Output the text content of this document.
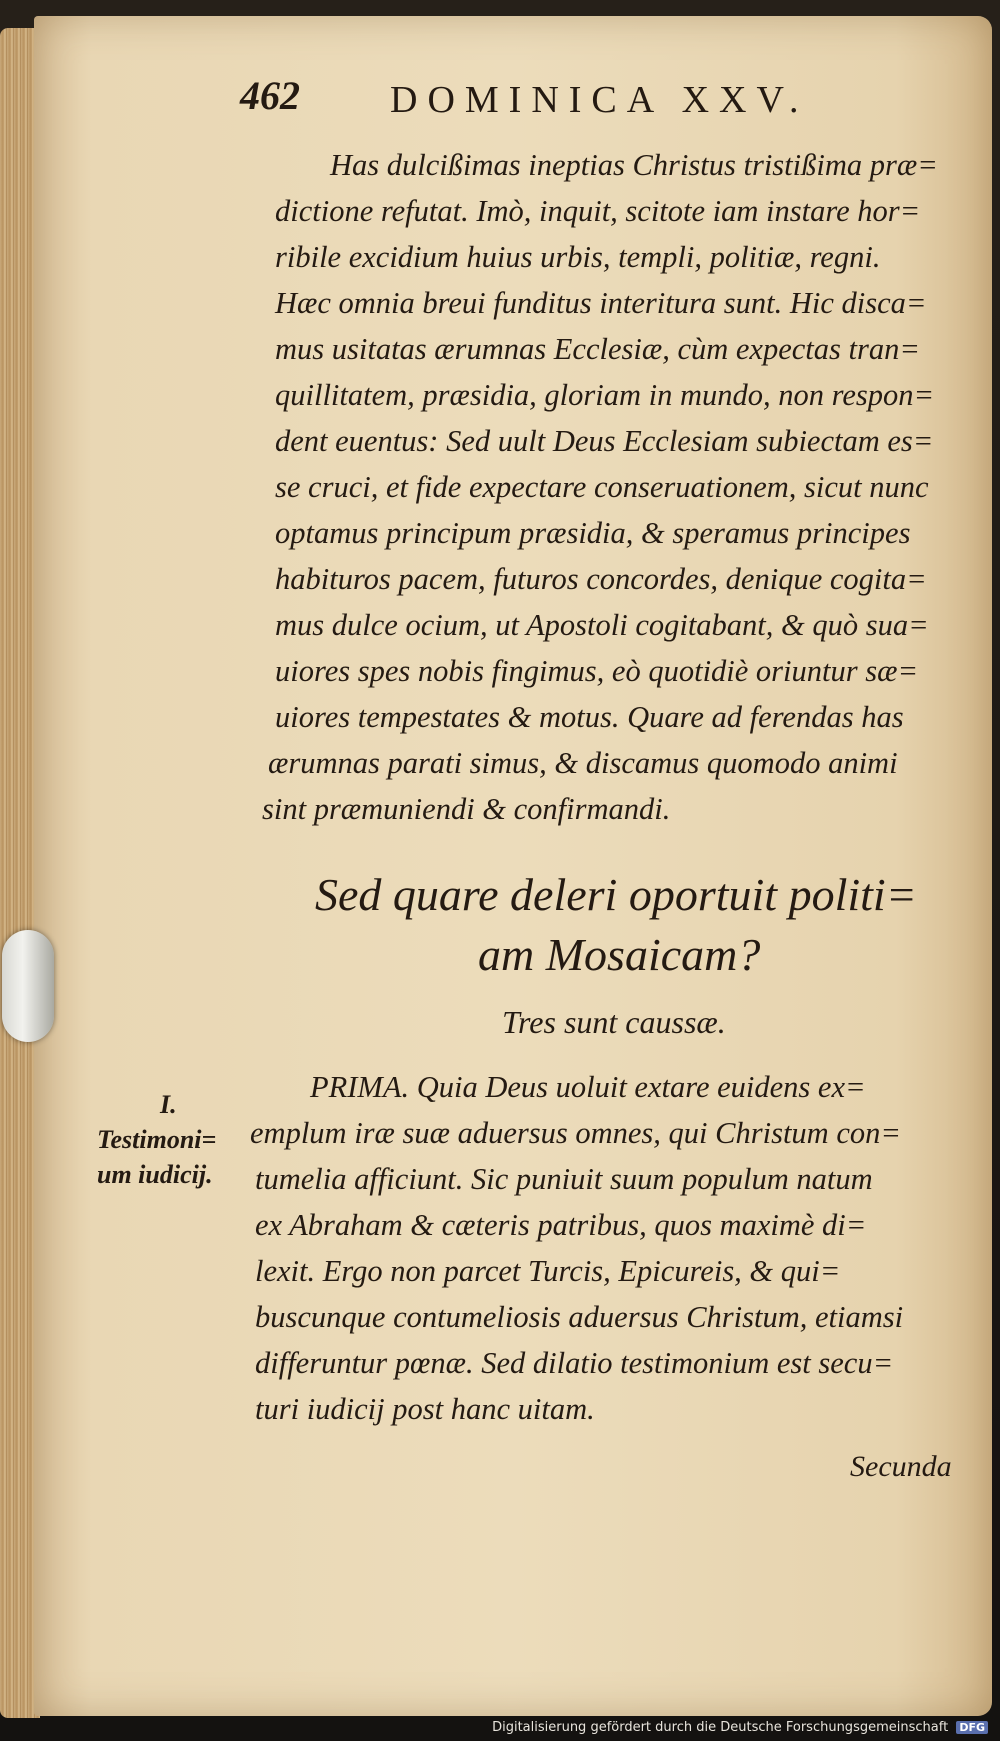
462 DOMINICA XXV.
Has dulcißimas ineptias Christus tristißima præ=
dictione refutat. Imò, inquit, scitote iam instare hor=
ribile excidium huius urbis, templi, politiæ, regni.
Hæc omnia breui funditus interitura sunt. Hic disca=
mus usitatas ærumnas Ecclesiæ, cùm expectas tran=
quillitatem, præsidia, gloriam in mundo, non respon=
dent euentus: Sed uult Deus Ecclesiam subiectam es=
se cruci, et fide expectare conseruationem, sicut nunc
optamus principum præsidia, & speramus principes
habituros pacem, futuros concordes, denique cogita=
mus dulce ocium, ut Apostoli cogitabant, & quò sua=
uiores spes nobis fingimus, eò quotidiè oriuntur sæ=
uiores tempestates & motus. Quare ad ferendas has
ærumnas parati simus, & discamus quomodo animi
sint præmuniendi & confirmandi.
Sed quare deleri oportuit politi=
am Mosaicam?
Tres sunt caussæ.
PRIMA. Quia Deus uoluit extare euidens ex=
emplum iræ suæ aduersus omnes, qui Christum con=
tumelia afficiunt. Sic puniuit suum populum natum
ex Abraham & cæteris patribus, quos maximè di=
lexit. Ergo non parcet Turcis, Epicureis, & qui=
buscunque contumeliosis aduersus Christum, etiamsi
differuntur pœnæ. Sed dilatio testimonium est secu=
turi iudicij post hanc uitam.
I.
Testimoni=
um iudicij.
Secunda
Digitalisierung gefördert durch die Deutsche Forschungsgemeinschaft DFG
